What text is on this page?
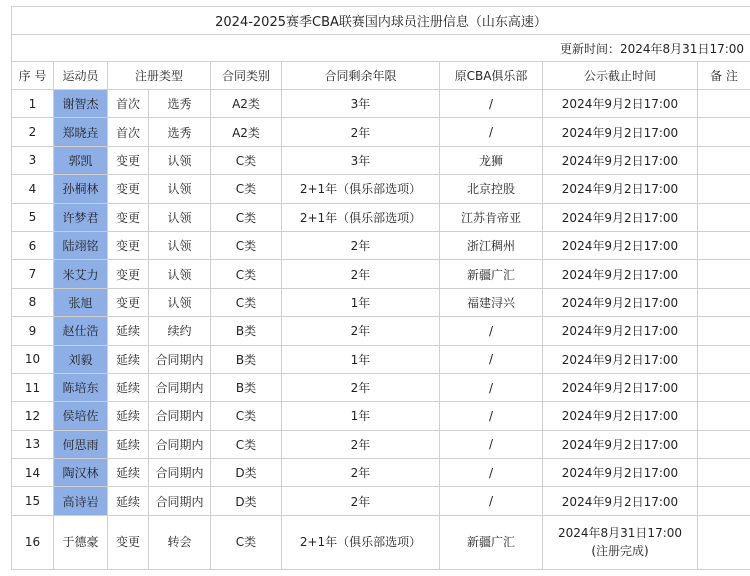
2024-2025赛季CBA联赛国内球员注册信息（山东高速）								
更新时间：2024年8月31日17:00								
序 号	运动员	注册类型		合同类别	合同剩余年限	原CBA俱乐部	公示截止时间	备 注
1	谢智杰	首次	选秀	A2类	3年	/	2024年9月2日17:00	
2	郑晓垚	首次	选秀	A2类	2年	/	2024年9月2日17:00	
3	郭凯	变更	认领	C类	3年	龙狮	2024年9月2日17:00	
4	孙桐林	变更	认领	C类	2+1年（俱乐部选项）	北京控股	2024年9月2日17:00	
5	许梦君	变更	认领	C类	2+1年（俱乐部选项）	江苏肯帝亚	2024年9月2日17:00	
6	陆翊铭	变更	认领	C类	2年	浙江稠州	2024年9月2日17:00	
7	米艾力	变更	认领	C类	2年	新疆广汇	2024年9月2日17:00	
8	张旭	变更	认领	C类	1年	福建浔兴	2024年9月2日17:00	
9	赵仕浩	延续	续约	B类	2年	/	2024年9月2日17:00	
10	刘毅	延续	合同期内	B类	1年	/	2024年9月2日17:00	
11	陈培东	延续	合同期内	B类	2年	/	2024年9月2日17:00	
12	侯培佐	延续	合同期内	C类	1年	/	2024年9月2日17:00	
13	何思雨	延续	合同期内	C类	2年	/	2024年9月2日17:00	
14	陶汉林	延续	合同期内	D类	2年	/	2024年9月2日17:00	
15	高诗岩	延续	合同期内	D类	2年	/	2024年9月2日17:00	
16	于德豪	变更	转会	C类	2+1年（俱乐部选项）	新疆广汇	2024年8月31日17:00
(注册完成)	
